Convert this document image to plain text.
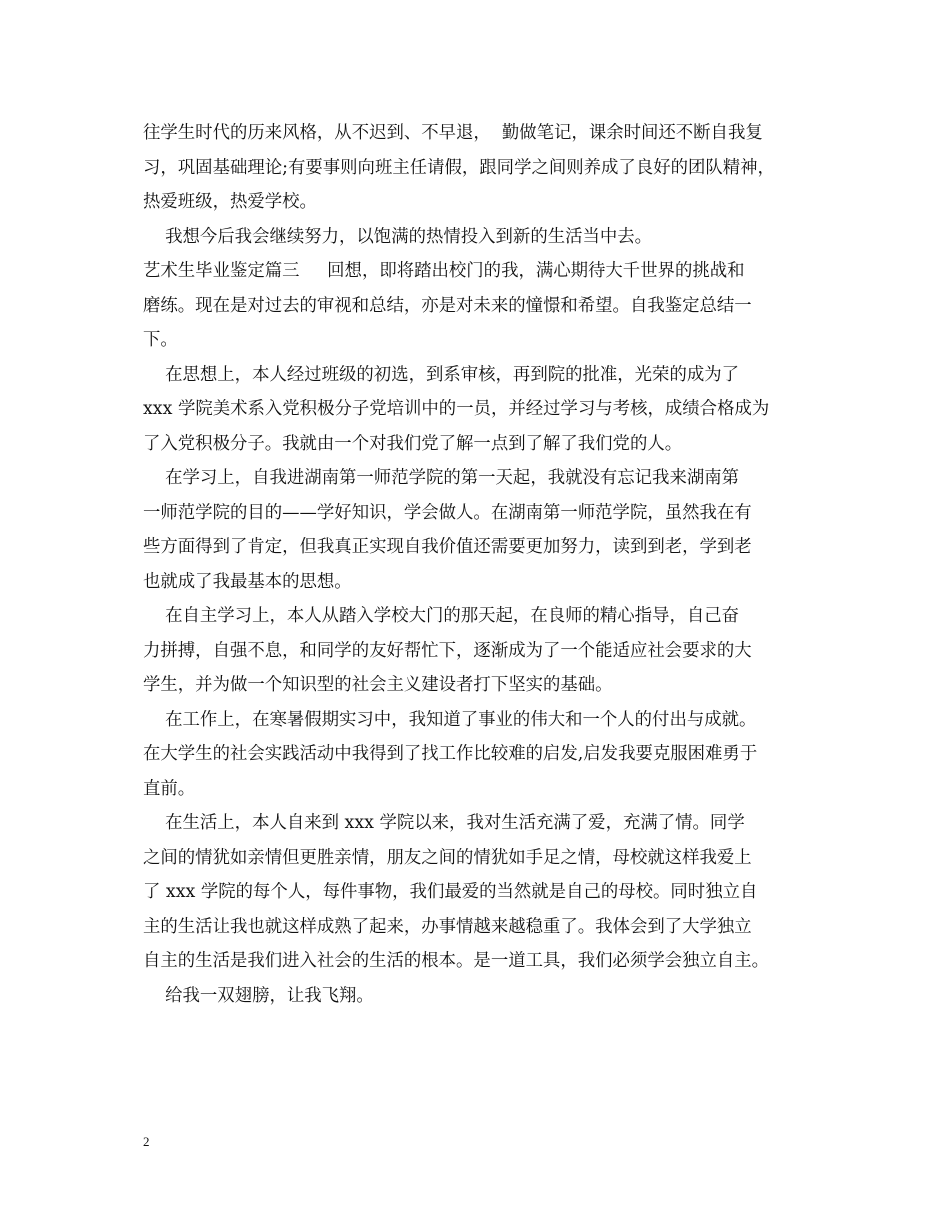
往学生时代的历来风格，从不迟到、不早退，  勤做笔记，课余时间还不断自我复
习，巩固基础理论;有要事则向班主任请假，跟同学之间则养成了良好的团队精神，
热爱班级，热爱学校。
我想今后我会继续努力，以饱满的热情投入到新的生活当中去。
艺术生毕业鉴定篇三     回想，即将踏出校门的我，满心期待大千世界的挑战和
磨练。现在是对过去的审视和总结，亦是对未来的憧憬和希望。自我鉴定总结一
下。
在思想上，本人经过班级的初选，到系审核，再到院的批准，光荣的成为了
xxx 学院美术系入党积极分子党培训中的一员，并经过学习与考核，成绩合格成为
了入党积极分子。我就由一个对我们党了解一点到了解了我们党的人。
在学习上，自我进湖南第一师范学院的第一天起，我就没有忘记我来湖南第
一师范学院的目的——学好知识，学会做人。在湖南第一师范学院，虽然我在有
些方面得到了肯定，但我真正实现自我价值还需要更加努力，读到到老，学到老
也就成了我最基本的思想。
在自主学习上，本人从踏入学校大门的那天起，在良师的精心指导，自己奋
力拼搏，自强不息，和同学的友好帮忙下，逐渐成为了一个能适应社会要求的大
学生，并为做一个知识型的社会主义建设者打下坚实的基础。
在工作上，在寒暑假期实习中，我知道了事业的伟大和一个人的付出与成就。
在大学生的社会实践活动中我得到了找工作比较难的启发,启发我要克服困难勇于
直前。
在生活上，本人自来到 xxx 学院以来，我对生活充满了爱，充满了情。同学
之间的情犹如亲情但更胜亲情，朋友之间的情犹如手足之情，母校就这样我爱上
了 xxx 学院的每个人，每件事物，我们最爱的当然就是自己的母校。同时独立自
主的生活让我也就这样成熟了起来，办事情越来越稳重了。我体会到了大学独立
自主的生活是我们进入社会的生活的根本。是一道工具，我们必须学会独立自主。
给我一双翅膀，让我飞翔。
2
